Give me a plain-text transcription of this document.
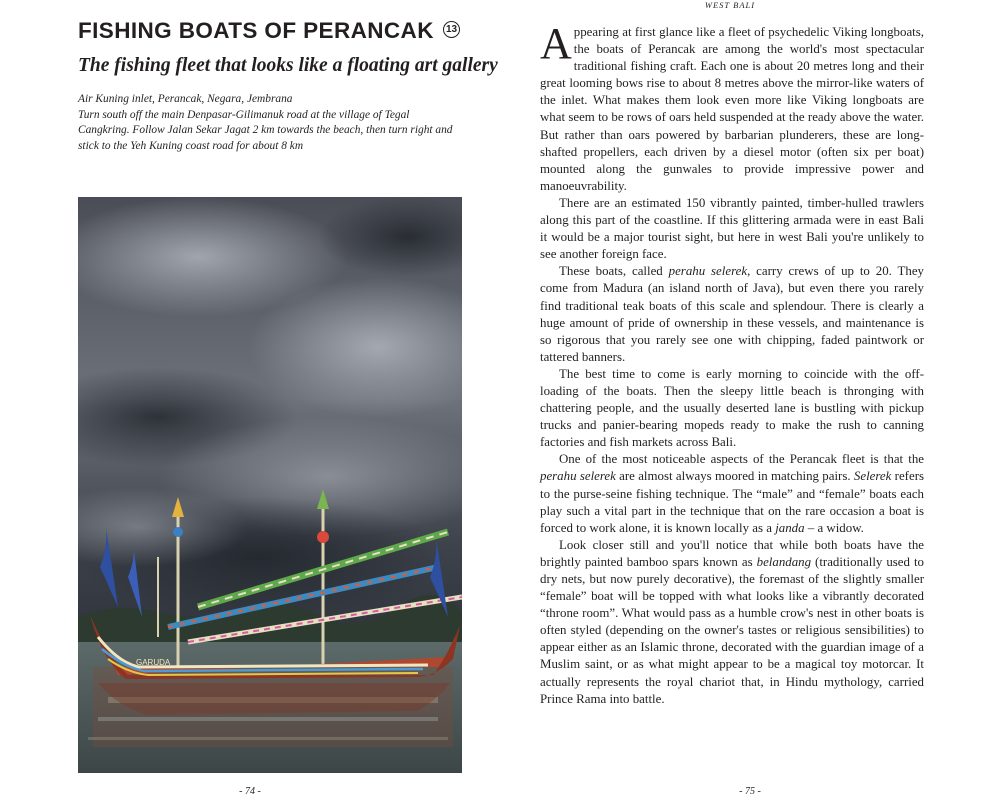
FISHING BOATS OF PERANCAK 13
The fishing fleet that looks like a floating art gallery

Air Kuning inlet, Perancak, Negara, Jembrana

Turn south off the main Denpasar-Gilimanuk road at the village of Tegal Cangkring. Follow Jalan Sekar Jagat 2 km towards the beach, then turn right and stick to the Yeh Kuning coast road for about 8 km

GARUDA
- 74 -
WEST BALI

Appearing at first glance like a fleet of psychedelic Viking longboats, the boats of Perancak are among the world's most spectacular traditional fishing craft. Each one is about 20 metres long and their great looming bows rise to about 8 metres above the mirror-like waters of the inlet. What makes them look even more like Viking longboats are what seem to be rows of oars held suspended at the ready above the water. But rather than oars powered by barbarian plunderers, these are long-shafted propellers, each driven by a diesel motor (often six per boat) mounted along the gunwales to provide impressive power and manoeuvrability.

There are an estimated 150 vibrantly painted, timber-hulled trawlers along this part of the coastline. If this glittering armada were in east Bali it would be a major tourist sight, but here in west Bali you're unlikely to see another foreign face.

These boats, called perahu selerek, carry crews of up to 20. They come from Madura (an island north of Java), but even there you rarely find traditional teak boats of this scale and splendour. There is clearly a huge amount of pride of ownership in these vessels, and maintenance is so rigorous that you rarely see one with chipping, faded paintwork or tattered banners.

The best time to come is early morning to coincide with the off-loading of the boats. Then the sleepy little beach is thronging with chattering people, and the usually deserted lane is bustling with pickup trucks and panier-bearing mopeds ready to make the rush to canning factories and fish markets across Bali.

One of the most noticeable aspects of the Perancak fleet is that the perahu selerek are almost always moored in matching pairs. Selerek refers to the purse-seine fishing technique. The “male” and “female” boats each play such a vital part in the technique that on the rare occasion a boat is forced to work alone, it is known locally as a janda – a widow.

Look closer still and you'll notice that while both boats have the brightly painted bamboo spars known as belandang (traditionally used to dry nets, but now purely decorative), the foremast of the slightly smaller “female” boat will be topped with what looks like a vibrantly decorated “throne room”. What would pass as a humble crow's nest in other boats is often styled (depending on the owner's tastes or religious sensibilities) to appear either as an Islamic throne, decorated with the guardian image of a Muslim saint, or as what might appear to be a magical toy motorcar. It actually represents the royal chariot that, in Hindu mythology, carried Prince Rama into battle.

- 75 -
